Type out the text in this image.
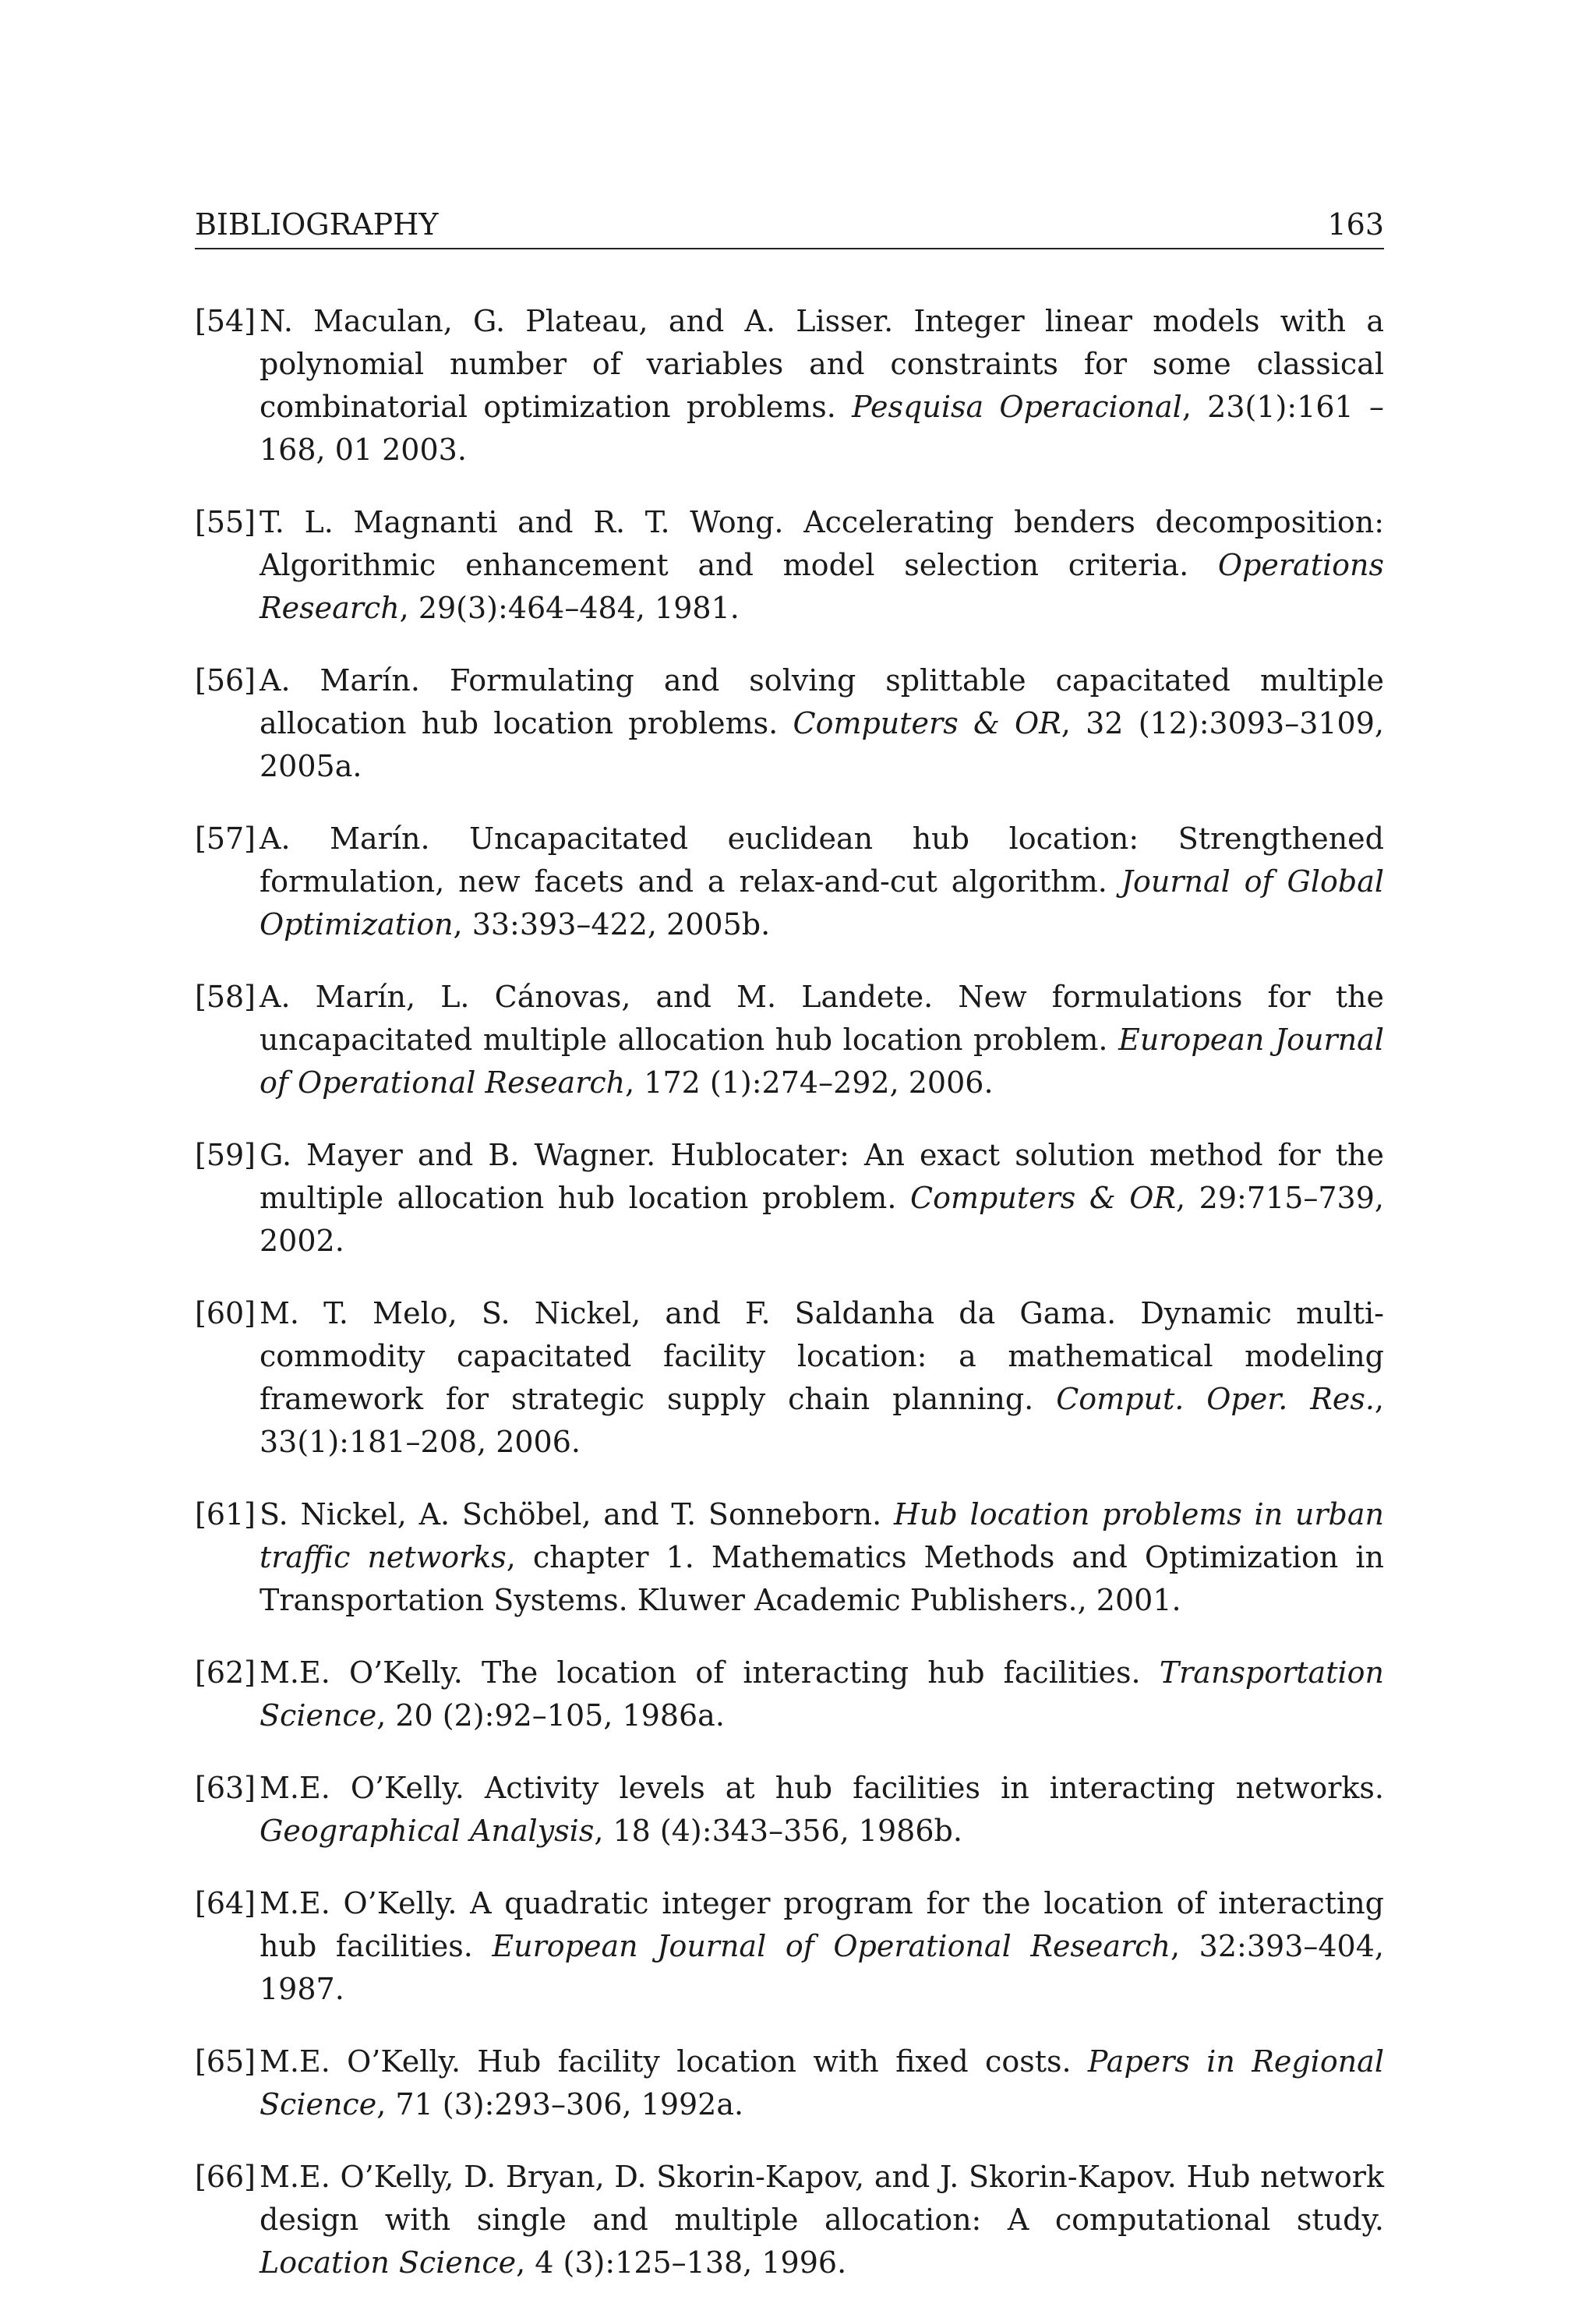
BIBLIOGRAPHY	163
[54] N. Maculan, G. Plateau, and A. Lisser. Integer linear models with a polynomial number of variables and constraints for some classical combinatorial optimization problems. Pesquisa Operacional, 23(1):161 – 168, 01 2003.
[55] T. L. Magnanti and R. T. Wong. Accelerating benders decomposition: Algorithmic enhancement and model selection criteria. Operations Research, 29(3):464–484, 1981.
[56] A. Marín. Formulating and solving splittable capacitated multiple allocation hub location problems. Computers & OR, 32 (12):3093–3109, 2005a.
[57] A. Marín. Uncapacitated euclidean hub location: Strengthened formulation, new facets and a relax-and-cut algorithm. Journal of Global Optimization, 33:393–422, 2005b.
[58] A. Marín, L. Cánovas, and M. Landete. New formulations for the uncapacitated multiple allocation hub location problem. European Journal of Operational Research, 172 (1):274–292, 2006.
[59] G. Mayer and B. Wagner. Hublocater: An exact solution method for the multiple allocation hub location problem. Computers & OR, 29:715–739, 2002.
[60] M. T. Melo, S. Nickel, and F. Saldanha da Gama. Dynamic multi-commodity capacitated facility location: a mathematical modeling framework for strategic supply chain planning. Comput. Oper. Res., 33(1):181–208, 2006.
[61] S. Nickel, A. Schöbel, and T. Sonneborn. Hub location problems in urban traffic networks, chapter 1. Mathematics Methods and Optimization in Transportation Systems. Kluwer Academic Publishers., 2001.
[62] M.E. O’Kelly. The location of interacting hub facilities. Transportation Science, 20 (2):92–105, 1986a.
[63] M.E. O’Kelly. Activity levels at hub facilities in interacting networks. Geographical Analysis, 18 (4):343–356, 1986b.
[64] M.E. O’Kelly. A quadratic integer program for the location of interacting hub facilities. European Journal of Operational Research, 32:393–404, 1987.
[65] M.E. O’Kelly. Hub facility location with fixed costs. Papers in Regional Science, 71 (3):293–306, 1992a.
[66] M.E. O’Kelly, D. Bryan, D. Skorin-Kapov, and J. Skorin-Kapov. Hub network design with single and multiple allocation: A computational study. Location Science, 4 (3):125–138, 1996.
